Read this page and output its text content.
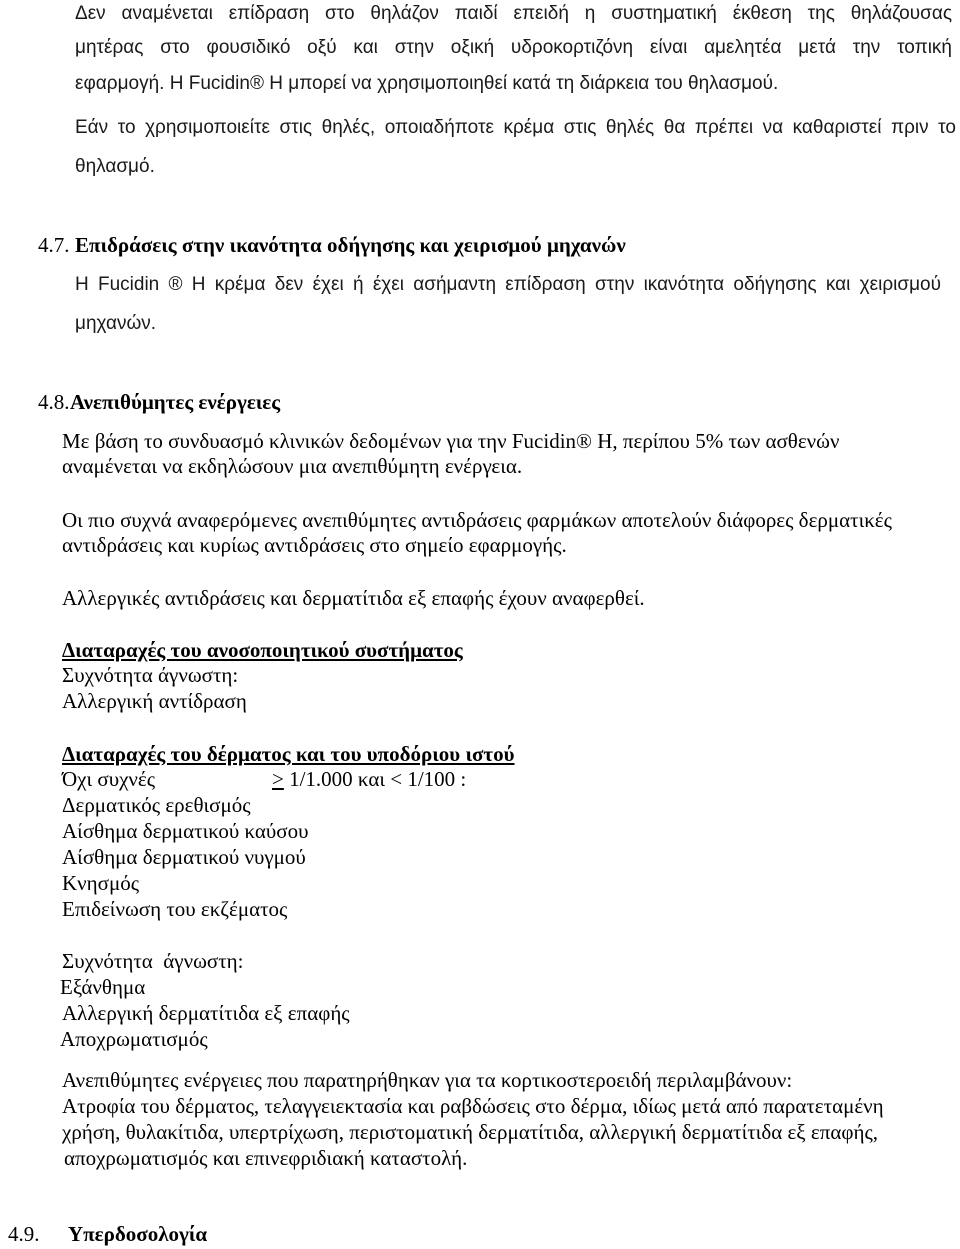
Δεν αναμένεται επίδραση στο θηλάζον παιδί επειδή η συστηματική έκθεση της θηλάζουσας
μητέρας στο φουσιδικό οξύ και στην οξική υδροκορτιζόνη είναι αμελητέα μετά την τοπική
εφαρμογή. Η Fucidin® H μπορεί να χρησιμοποιηθεί κατά τη διάρκεια του θηλασμού.
Εάν το χρησιμοποιείτε στις θηλές, οποιαδήποτε κρέμα στις θηλές θα πρέπει να καθαριστεί πριν το
θηλασμό.
4.7. Επιδράσεις στην ικανότητα οδήγησης και χειρισμού μηχανών
Η Fucidin ® H κρέμα δεν έχει ή έχει ασήμαντη επίδραση στην ικανότητα οδήγησης και χειρισμού
μηχανών.
4.8. Ανεπιθύμητες ενέργειες
Με βάση το συνδυασμό κλινικών δεδομένων για την Fucidin® H, περίπου 5% των ασθενών
αναμένεται να εκδηλώσουν μια ανεπιθύμητη ενέργεια.
Οι πιο συχνά αναφερόμενες ανεπιθύμητες αντιδράσεις φαρμάκων αποτελούν διάφορες δερματικές
αντιδράσεις και κυρίως αντιδράσεις στο σημείο εφαρμογής.
Αλλεργικές αντιδράσεις και δερματίτιδα εξ επαφής έχουν αναφερθεί.
Διαταραχές του ανοσοποιητικού συστήματος
Συχνότητα άγνωστη:
Αλλεργική αντίδραση
Διαταραχές του δέρματος και του υποδόριου ιστού
Όχι συχνές	≥ 1/1.000 και < 1/100 :
Δερματικός ερεθισμός
Αίσθημα δερματικού καύσου
Αίσθημα δερματικού νυγμού
Κνησμός
Επιδείνωση του εκζέματος
Συχνότητα  άγνωστη:
Εξάνθημα
Αλλεργική δερματίτιδα εξ επαφής
Αποχρωματισμός
Ανεπιθύμητες ενέργειες που παρατηρήθηκαν για τα κορτικοστεροειδή περιλαμβάνουν:
Ατροφία του δέρματος, τελαγγειεκτασία και ραβδώσεις στο δέρμα, ιδίως μετά από παρατεταμένη
χρήση, θυλακίτιδα, υπερτρίχωση, περιστοματική δερματίτιδα, αλλεργική δερματίτιδα εξ επαφής,
αποχρωματισμός και επινεφριδιακή καταστολή.
4.9.	Υπερδοσολογία
